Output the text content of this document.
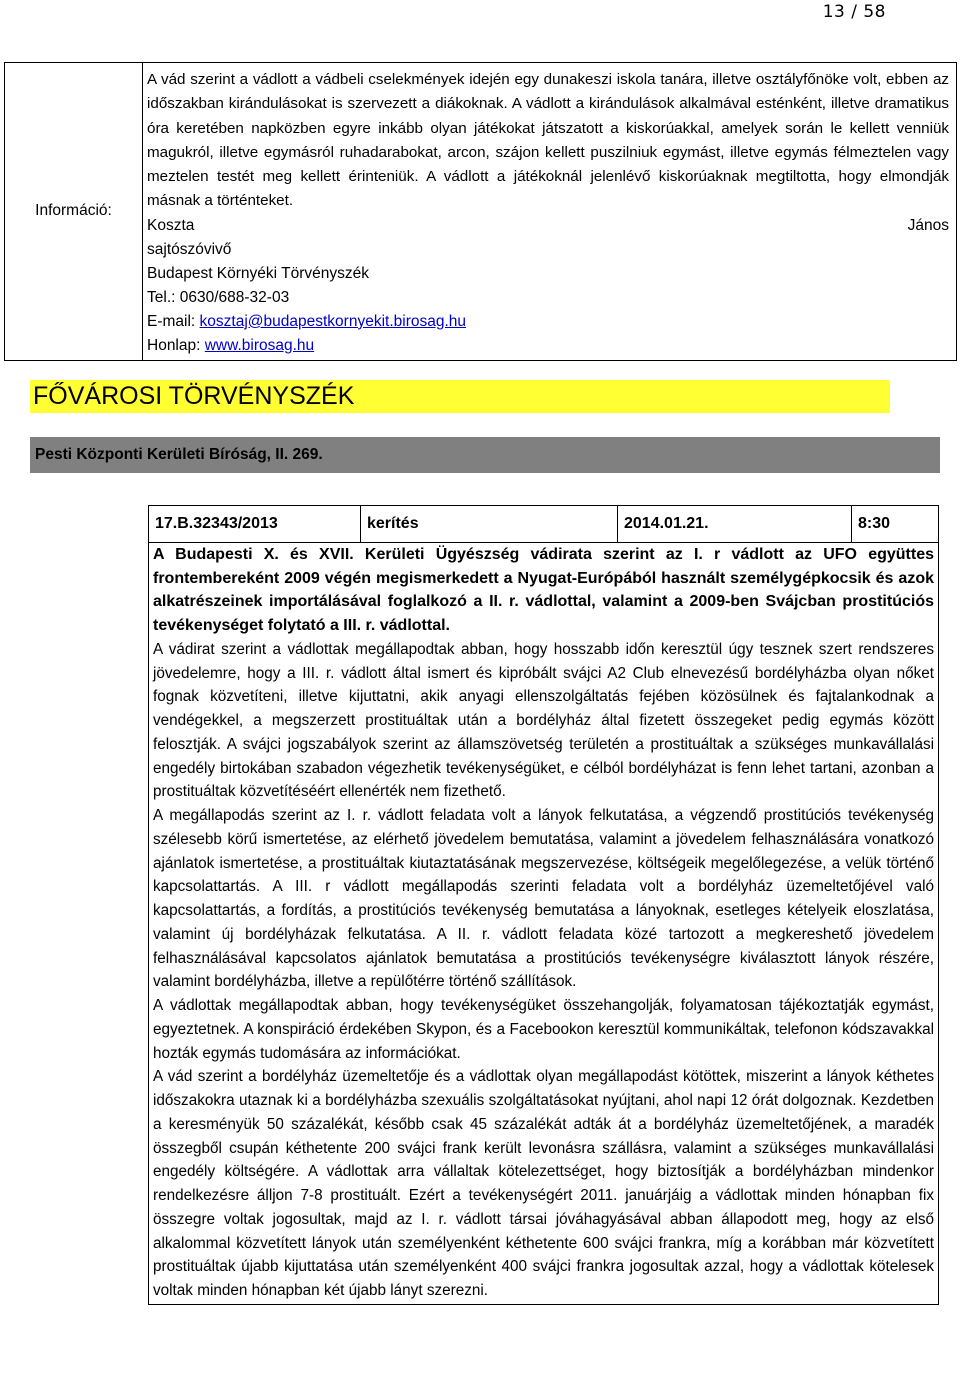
13 / 58
Információ:	

A vád szerint a vádlott a vádbeli cselekmények idején egy dunakeszi iskola tanára, illetve osztályfőnöke volt, ebben az időszakban kirándulásokat is szervezett a diákoknak. A vádlott a kirándulások alkalmával esténként, illetve dramatikus óra keretében napközben egyre inkább olyan játékokat játszatott a kiskorúakkal, amelyek során le kellett venniük magukról, illetve egymásról ruhadarabokat, arcon, szájon kellett puszilniuk egymást, illetve egymás félmeztelen vagy meztelen testét meg kellett érinteniük. A vádlott a játékoknál jelenlévő kiskorúaknak megtiltotta, hogy elmondják másnak a történteket.

Koszta	János
sajtószóvivő
Budapest Környéki Törvényszék
Tel.: 0630/688-32-03
E-mail: kosztaj@budapestkornyekit.birosag.hu
Honlap: www.birosag.hu
FŐVÁROSI TÖRVÉNYSZÉK
Pesti Központi Kerületi Bíróság, II. 269.
17.B.32343/2013	kerítés	2014.01.21.	8:30

A Budapesti X. és XVII. Kerületi Ügyészség vádirata szerint az I. r vádlott az UFO együttes frontembereként 2009 végén megismerkedett a Nyugat-Európából használt személygépkocsik és azok alkatrészeinek importálásával foglalkozó a II. r. vádlottal, valamint a 2009-ben Svájcban prostitúciós tevékenységet folytató a III. r. vádlottal.

A vádirat szerint a vádlottak megállapodtak abban, hogy hosszabb időn keresztül úgy tesznek szert rendszeres jövedelemre, hogy a III. r. vádlott által ismert és kipróbált svájci A2 Club elnevezésű bordélyházba olyan nőket fognak közvetíteni, illetve kijuttatni, akik anyagi ellenszolgáltatás fejében közösülnek és fajtalankodnak a vendégekkel, a megszerzett prostituáltak után a bordélyház által fizetett összegeket pedig egymás között felosztják. A svájci jogszabályok szerint az államszövetség területén a prostituáltak a szükséges munkavállalási engedély birtokában szabadon végezhetik tevékenységüket, e célból bordélyházat is fenn lehet tartani, azonban a prostituáltak közvetítéséért ellenérték nem fizethető.

A megállapodás szerint az I. r. vádlott feladata volt a lányok felkutatása, a végzendő prostitúciós tevékenység szélesebb körű ismertetése, az elérhető jövedelem bemutatása, valamint a jövedelem felhasználására vonatkozó ajánlatok ismertetése, a prostituáltak kiutaztatásának megszervezése, költségeik megelőlegezése, a velük történő kapcsolattartás. A III. r vádlott megállapodás szerinti feladata volt a bordélyház üzemeltetőjével való kapcsolattartás, a fordítás, a prostitúciós tevékenység bemutatása a lányoknak, esetleges kételyeik eloszlatása, valamint új bordélyházak felkutatása. A II. r. vádlott feladata közé tartozott a megkereshető jövedelem felhasználásával kapcsolatos ajánlatok bemutatása a prostitúciós tevékenységre kiválasztott lányok részére, valamint bordélyházba, illetve a repülőtérre történő szállítások.

A vádlottak megállapodtak abban, hogy tevékenységüket összehangolják, folyamatosan tájékoztatják egymást, egyeztetnek. A konspiráció érdekében Skypon, és a Facebookon keresztül kommunikáltak, telefonon kódszavakkal hozták egymás tudomására az információkat.

A vád szerint a bordélyház üzemeltetője és a vádlottak olyan megállapodást kötöttek, miszerint a lányok kéthetes időszakokra utaznak ki a bordélyházba szexuális szolgáltatásokat nyújtani, ahol napi 12 órát dolgoznak. Kezdetben a keresményük 50 százalékát, később csak 45 százalékát adták át a bordélyház üzemeltetőjének, a maradék összegből csupán kéthetente 200 svájci frank került levonásra szállásra, valamint a szükséges munkavállalási engedély költségére. A vádlottak arra vállaltak kötelezettséget, hogy biztosítják a bordélyházban mindenkor rendelkezésre álljon 7-8 prostituált. Ezért a tevékenységért 2011. januárjáig a vádlottak minden hónapban fix összegre voltak jogosultak, majd az I. r. vádlott társai jóváhagyásával abban állapodott meg, hogy az első alkalommal közvetített lányok után személyenként kéthetente 600 svájci frankra, míg a korábban már közvetített prostituáltak újabb kijuttatása után személyenként 400 svájci frankra jogosultak azzal, hogy a vádlottak kötelesek voltak minden hónapban két újabb lányt szerezni.
